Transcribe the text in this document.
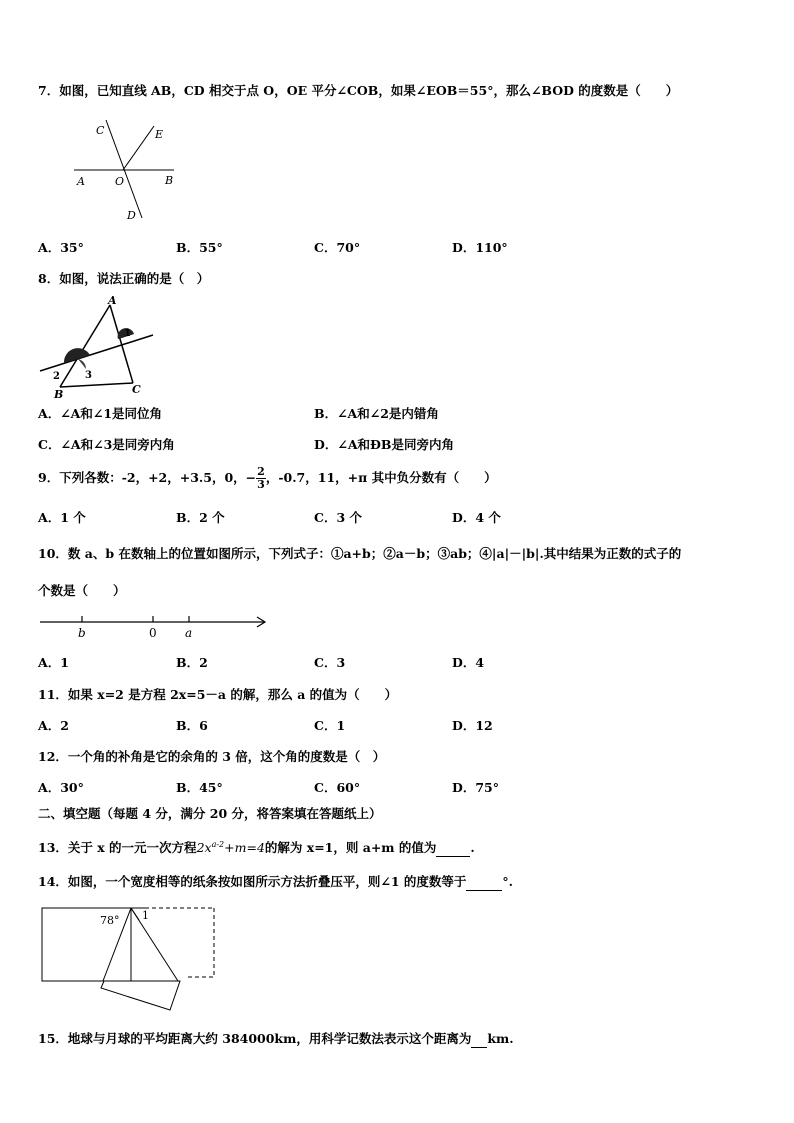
7．如图，已知直线 AB，CD 相交于点 O，OE 平分∠COB，如果∠EOB＝55°，那么∠BOD 的度数是（　　）
C	E
A	O	B
D
A．35°	B．55°	C．70°	D．110°
8．如图，说法正确的是（　）
A
1
2	3
B	C
A．∠A和∠1是同位角	B．∠A和∠2是内错角
C．∠A和∠3是同旁内角	D．∠A和ÐB是同旁内角
9．下列各数：-2，+2，+3.5，0，− $\frac{2}{3}$ ，-0.7，11，+π 其中负分数有（　　）
A．1 个	B．2 个	C．3 个	D．4 个
10．数 a、b 在数轴上的位置如图所示，下列式子：①a+b；②a－b；③ab；④|a|－|b|.其中结果为正数的式子的
个数是（　　）
b	0 a
A．1	B．2	C．3	D．4
11．如果 x=2 是方程 2x=5－a 的解，那么 a 的值为（　　）
A．2	B．6	C．1	D．12
12．一个角的补角是它的余角的 3 倍，这个角的度数是（　）
A．30°	B．45°	C．60°	D．75°
二、填空题（每题 4 分，满分 20 分，将答案填在答题纸上）
13．关于 x 的一元一次方程$2x^{a-2}+m=4$的解为 x=1，则 a+m 的值为	.
14．如图，一个宽度相等的纸条按如图所示方法折叠压平，则∠1 的度数等于	°.
78° 1
15．地球与月球的平均距离大约 384000km，用科学记数法表示这个距离为 km.
